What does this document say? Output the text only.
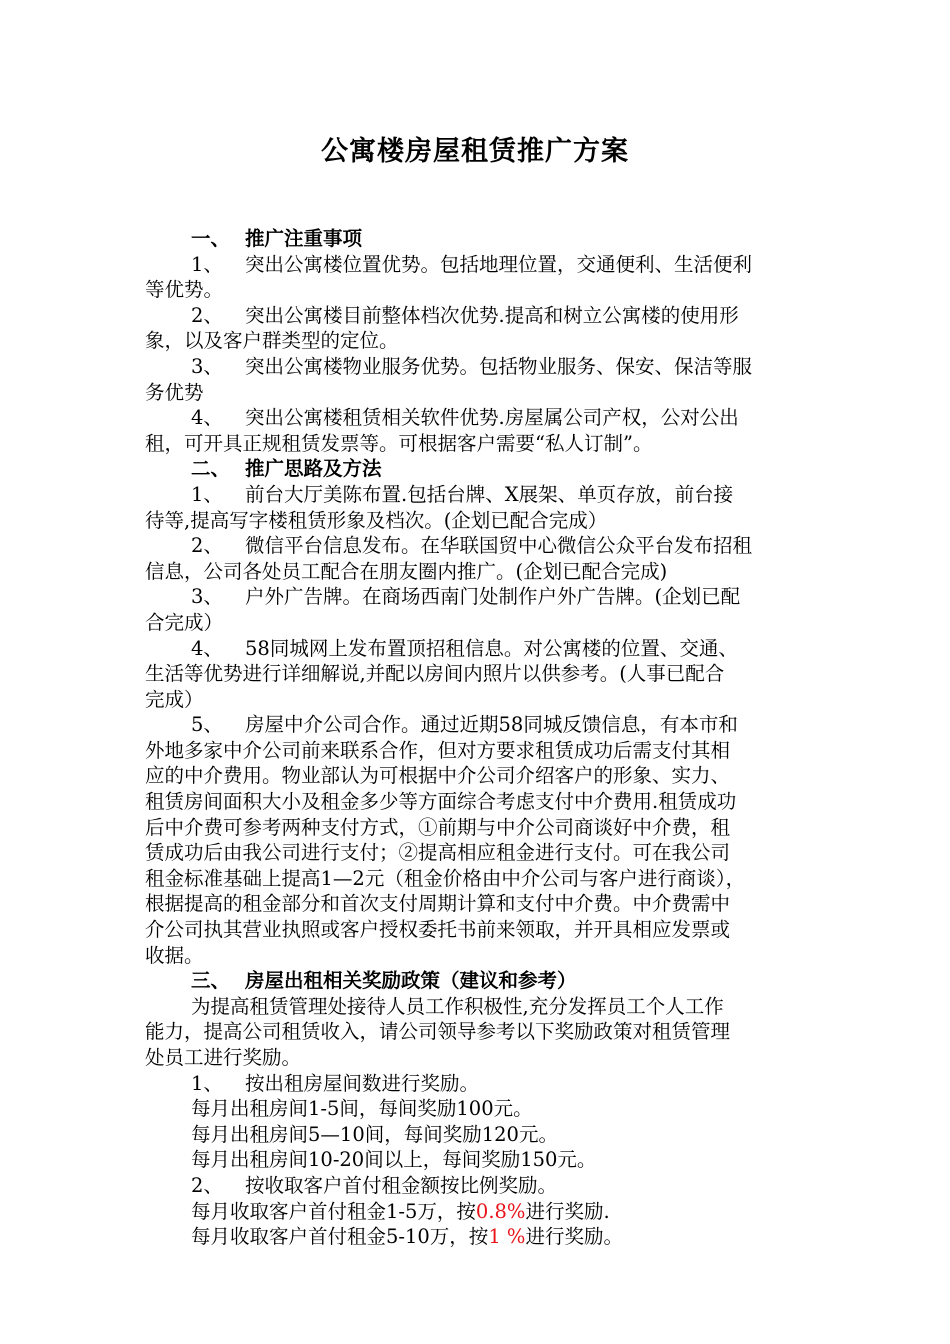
公寓楼房屋租赁推广方案
一、 推广注重事项
1、 突出公寓楼位置优势。包括地理位置，交通便利、生活便利
等优势。
2、 突出公寓楼目前整体档次优势.提高和树立公寓楼的使用形
象，以及客户群类型的定位。
3、 突出公寓楼物业服务优势。包括物业服务、保安、保洁等服
务优势
4、 突出公寓楼租赁相关软件优势.房屋属公司产权，公对公出
租，可开具正规租赁发票等。可根据客户需要“私人订制”。
二、 推广思路及方法
1、 前台大厅美陈布置.包括台牌、X展架、单页存放，前台接
待等,提高写字楼租赁形象及档次。(企划已配合完成）
2、 微信平台信息发布。在华联国贸中心微信公众平台发布招租
信息，公司各处员工配合在朋友圈内推广。(企划已配合完成)
3、 户外广告牌。在商场西南门处制作户外广告牌。(企划已配
合完成）
4、 58同城网上发布置顶招租信息。对公寓楼的位置、交通、
生活等优势进行详细解说,并配以房间内照片以供参考。(人事已配合
完成）
5、 房屋中介公司合作。通过近期58同城反馈信息，有本市和
外地多家中介公司前来联系合作，但对方要求租赁成功后需支付其相
应的中介费用。物业部认为可根据中介公司介绍客户的形象、实力、
租赁房间面积大小及租金多少等方面综合考虑支付中介费用.租赁成功
后中介费可参考两种支付方式，①前期与中介公司商谈好中介费，租
赁成功后由我公司进行支付；②提高相应租金进行支付。可在我公司
租金标准基础上提高1—2元（租金价格由中介公司与客户进行商谈），
根据提高的租金部分和首次支付周期计算和支付中介费。中介费需中
介公司执其营业执照或客户授权委托书前来领取，并开具相应发票或
收据。
三、 房屋出租相关奖励政策（建议和参考）
为提高租赁管理处接待人员工作积极性,充分发挥员工个人工作
能力，提高公司租赁收入，请公司领导参考以下奖励政策对租赁管理
处员工进行奖励。
1、 按出租房屋间数进行奖励。
每月出租房间1-5间，每间奖励100元。
每月出租房间5—10间，每间奖励120元。
每月出租房间10-20间以上，每间奖励150元。
2、 按收取客户首付租金额按比例奖励。
每月收取客户首付租金1-5万，按0.8%进行奖励.
每月收取客户首付租金5-10万，按1 %进行奖励。
